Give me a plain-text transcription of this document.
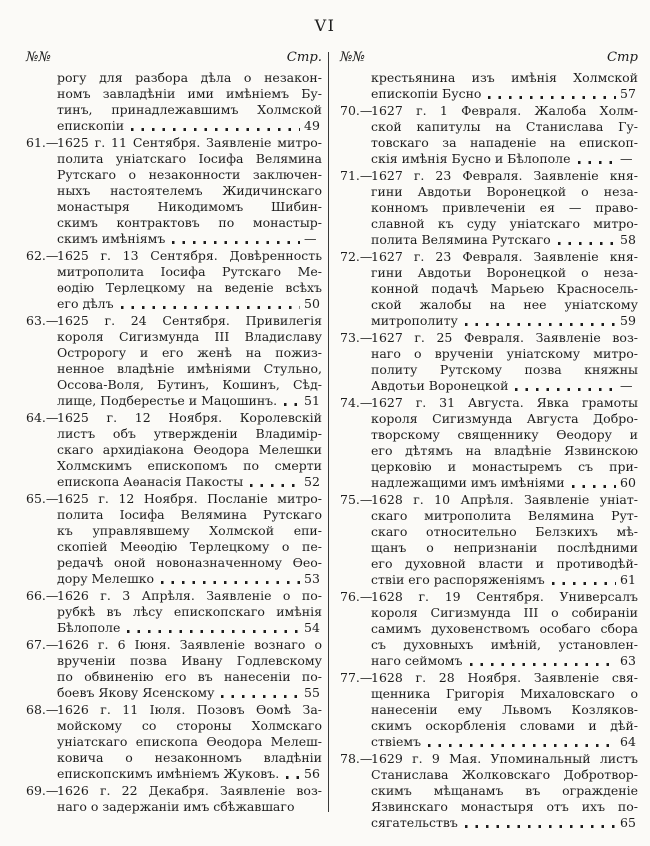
VI
№№	Стр.
рогу для разбора дѣла о незакон-
номъ завладѣніи ими имѣніемъ Бу-
тинъ, принадлежавшимъ Холмской
епископіи	49
61.—
1625 г. 11 Сентября. Заявленіе митро-
полита уніатскаго Іосифа Велямина
Рутскаго о незаконности заключен-
ныхъ настоятелемъ Жидичинскаго
монастыря Никодимомъ Шибин-
скимъ контрактовъ по монастыр-
скимъ имѣніямъ	—
62.—
1625 г. 13 Сентября. Довѣренность
митрополита Іосифа Рутскаго Ме-
ѳодію Терлецкому на веденіе всѣхъ
его дѣлъ	50
63.—
1625 г. 24 Сентября. Привилегія
короля Сигизмунда III Владиславу
Остророгу и его женѣ на пожиз-
ненное владѣніе имѣніями Стульно,
Оссова-Воля, Бутинъ, Кошинъ, Сѣд-
лище, Подберестье и Мацошинъ. 51
64.—
1625 г. 12 Ноября. Королевскій
листъ объ утвержденіи Владимір-
скаго архидіакона Ѳеодора Мелешки
Холмскимъ епископомъ по смерти
епископа Аѳанасія Пакосты	52
65.—
1625 г. 12 Ноября. Посланіе митро-
полита Іосифа Велямина Рутскаго
къ управлявшему Холмской епи-
скопіей Меѳодію Терлецкому о пе-
редачѣ оной новоназначенному Ѳео-
дору Мелешко	53
66.—
1626 г. 3 Апрѣля. Заявленіе о по-
рубкѣ въ лѣсу епископскаго имѣнія
Бѣлополе	54
67.—
1626 г. 6 Іюня. Заявленіе вознаго о
врученіи позва Ивану Годлевскому
по обвиненію его въ нанесеніи по-
боевъ Якову Ясенскому	55
68.—
1626 г. 11 Іюля. Позовъ Ѳомѣ За-
мойскому со стороны Холмскаго
уніатскаго епископа Ѳеодора Мелеш-
ковича о незаконномъ владѣніи
епископскимъ имѣніемъ Жуковъ. 56
69.—
1626 г. 22 Декабря. Заявленіе воз-
наго о задержаніи имъ сбѣжавшаго
№№	Стр
крестьянина изъ имѣнія Холмской
епископіи Бусно	57
70.—
1627 г. 1 Февраля. Жалоба Холм-
ской капитулы на Станислава Гу-
товскаго за нападеніе на епископ-
скія имѣнія Бусно и Бѣлополе	—
71.—
1627 г. 23 Февраля. Заявленіе кня-
гини Авдотьи Воронецкой о неза-
конномъ привлеченіи ея — право-
славной къ суду уніатскаго митро-
полита Велямина Рутскаго	58
72.—
1627 г. 23 Февраля. Заявленіе кня-
гини Авдотьи Воронецкой о неза-
конной подачѣ Марьею Красносель-
ской жалобы на нее уніатскому
митрополиту	59
73.—
1627 г. 25 Февраля. Заявленіе воз-
наго о врученіи уніатскому митро-
политу Рутскому позва княжны
Авдотьи Воронецкой	—
74.—
1627 г. 31 Августа. Явка грамоты
короля Сигизмунда Августа Добро-
творскому священнику Ѳеодору и
его дѣтямъ на владѣніе Язвинскою
церковію и монастыремъ съ при-
надлежащими имъ имѣніями	60
75.—
1628 г. 10 Апрѣля. Заявленіе уніат-
скаго митрополита Велямина Рут-
скаго относительно Белзкихъ мѣ-
щанъ о непризнаніи послѣдними
его духовной власти и противодѣй-
ствіи его распоряженіямъ	61
76.—
1628 г. 19 Сентября. Универсалъ
короля Сигизмунда III о собираніи
самимъ духовенствомъ особаго сбора
съ духовныхъ имѣній, установлен-
наго сеймомъ	63
77.—
1628 г. 28 Ноября. Заявленіе свя-
щенника Григорія Михаловскаго о
нанесеніи ему Львомъ Козляков-
скимъ оскорбленія словами и дѣй-
ствіемъ	64
78.—
1629 г. 9 Мая. Упоминальный листъ
Станислава Жолковскаго Добротвор-
скимъ мѣщанамъ въ огражденіе
Язвинскаго монастыря отъ ихъ по-
сягательствъ	65
